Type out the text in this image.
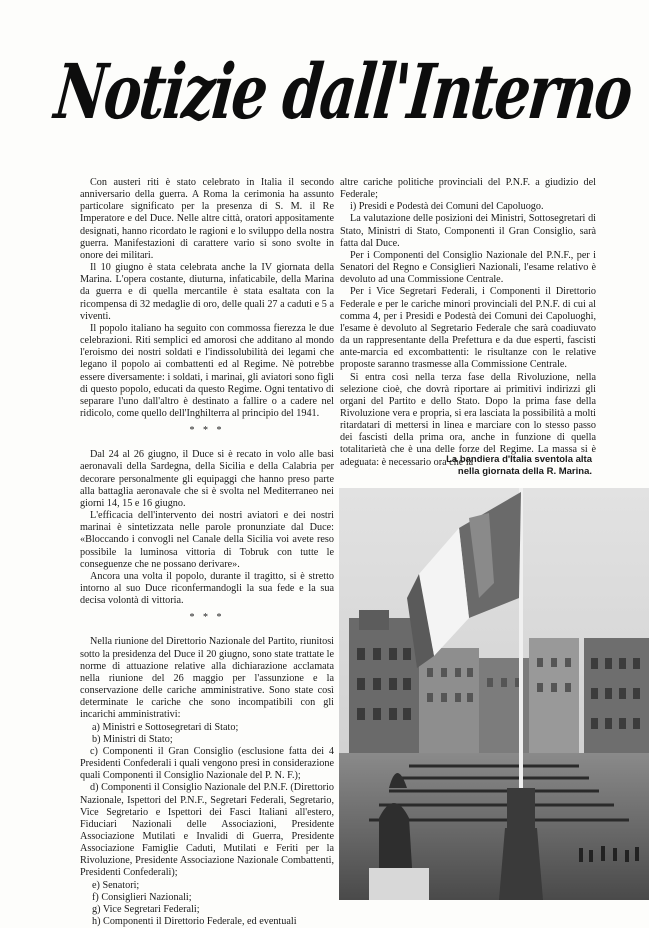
Notizie dall'Interno

Con austeri riti è stato celebrato in Italia il secondo anniversario della guerra. A Roma la cerimonia ha assunto particolare significato per la presenza di S. M. il Re Imperatore e del Duce. Nelle altre città, oratori appositamente designati, hanno ricordato le ragioni e lo sviluppo della nostra guerra. Manifestazioni di carattere vario si sono svolte in onore dei militari.

Il 10 giugno è stata celebrata anche la IV giornata della Marina. L'opera costante, diuturna, infaticabile, della Marina da guerra e di quella mercantile è stata esaltata con la ricompensa di 32 medaglie di oro, delle quali 27 a caduti e 5 a viventi.

Il popolo italiano ha seguito con commossa fierezza le due celebrazioni. Riti semplici ed amorosi che additano al mondo l'eroismo dei nostri soldati e l'indissolubilità dei legami che legano il popolo ai combattenti ed al Regime. Nè potrebbe essere diversamente: i soldati, i marinai, gli aviatori sono figli di questo popolo, educati da questo Regime. Ogni tentativo di separare l'uno dall'altro è destinato a fallire o a cadere nel ridicolo, come quello dell'Inghilterra al principio del 1941.

* * *

Dal 24 al 26 giugno, il Duce si è recato in volo alle basi aeronavali della Sardegna, della Sicilia e della Calabria per decorare personalmente gli equipaggi che hanno preso parte alla battaglia aeronavale che si è svolta nel Mediterraneo nei giorni 14, 15 e 16 giugno.

L'efficacia dell'intervento dei nostri aviatori e dei nostri marinai è sintetizzata nelle parole pronunziate dal Duce: «Bloccando i convogli nel Canale della Sicilia voi avete reso possibile la luminosa vittoria di Tobruk con tutte le conseguenze che ne possano derivare».

Ancora una volta il popolo, durante il tragitto, si è stretto intorno al suo Duce riconfermandogli la sua fede e la sua decisa volontà di vittoria.

* * *

Nella riunione del Direttorio Nazionale del Partito, riunitosi sotto la presidenza del Duce il 20 giugno, sono state trattate le norme di attuazione relative alla dichiarazione acclamata nella riunione del 26 maggio per l'assunzione e la conservazione delle cariche amministrative. Sono state così determinate le cariche che sono incompatibili con gli incarichi amministrativi:

a) Ministri e Sottosegretari di Stato;

b) Ministri di Stato;

c) Componenti il Gran Consiglio (esclusione fatta dei 4 Presidenti Confederali i quali vengono presi in considerazione quali Componenti il Consiglio Nazionale del P. N. F.);

d) Componenti il Consiglio Nazionale del P.N.F. (Direttorio Nazionale, Ispettori del P.N.F., Segretari Federali, Segretario, Vice Segretario e Ispettori dei Fasci Italiani all'estero, Fiduciari Nazionali delle Associazioni, Presidente Associazione Mutilati e Invalidi di Guerra, Presidente Associazione Famiglie Caduti, Mutilati e Feriti per la Rivoluzione, Presidente Associazione Nazionale Combattenti, Presidenti Confederali);

e) Senatori;

f) Consiglieri Nazionali;

g) Vice Segretari Federali;

h) Componenti il Direttorio Federale, ed eventuali

altre cariche politiche provinciali del P.N.F. a giudizio del Federale;

i) Presidi e Podestà dei Comuni del Capoluogo.

La valutazione delle posizioni dei Ministri, Sottosegretari di Stato, Ministri di Stato, Componenti il Gran Consiglio, sarà fatta dal Duce.

Per i Componenti del Consiglio Nazionale del P.N.F., per i Senatori del Regno e Consiglieri Nazionali, l'esame relativo è devoluto ad una Commissione Centrale.

Per i Vice Segretari Federali, i Componenti il Direttorio Federale e per le cariche minori provinciali del P.N.F. di cui al comma 4, per i Presidi e Podestà dei Comuni dei Capoluoghi, l'esame è devoluto al Segretario Federale che sarà coadiuvato da un rappresentante della Prefettura e da due esperti, fascisti ante-marcia ed excombattenti: le risultanze con le relative proposte saranno trasmesse alla Commissione Centrale.

Si entra così nella terza fase della Rivoluzione, nella selezione cioè, che dovrà riportare ai primitivi indirizzi gli organi del Partito e dello Stato. Dopo la prima fase della Rivoluzione vera e propria, si era lasciata la possibilità a molti ritardatari di mettersi in linea e marciare con lo stesso passo dei fascisti della prima ora, anche in funzione di quella totalitarietà che è una delle forze del Regime. La massa si è adeguata: è necessario ora che la

La bandiera d'Italia sventola alta
nella giornata della R. Marina.
